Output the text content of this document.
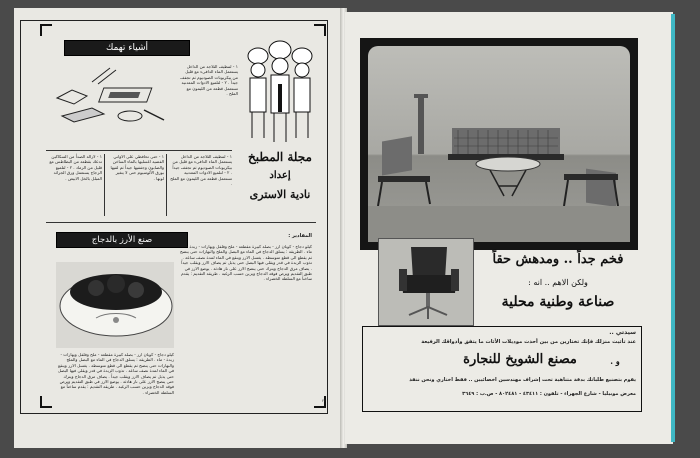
أشياء تهمك
١ - لتنظيف الثلاجة من الداخل يستعمل الماء الدافىء مع قليل من بيكربونات الصوديوم ثم تجفف جيداً . ٢ - لتلميع الادوات المعدنية تستعمل قطعة من الليمون مع الملح .
مجلة المطبخ
إعداد
نادية الاسترى
١ - لازالة الصدأ من السكاكين تدعك بقطعة من البطاطس مع قليل من الرماد . ٢ - لتلميع الزجاج يستعمل ورق الجرائد المبلل بالخل الابيض .
١ - حتى تحافظي على الاواني الفضية اغسليها بالماء الساخن والصابون وجففيها جيداً ثم لفيها بورق الألومنيوم حتى لا يتغير لونها .
١ - لتنظيف الثلاجة من الداخل يستعمل الماء الدافىء مع قليل من بيكربونات الصوديوم ثم تجفف جيداً . ٢ - لتلميع الادوات المعدنية تستعمل قطعة من الليمون مع الملح .
صنع الأرز بالدجاج	المقادير :
كيلو دجاج - كوبان ارز - بصلة كبيرة مقطعة - ملح وفلفل وبهارات - زبدة - ماء . الطريقة : يسلق الدجاج في الماء مع البصل والملح والبهارات حتى ينضج ثم يقطع الى قطع متوسطة . يغسل الارز وينقع في الماء لمدة نصف ساعة . تذوب الزبدة في قدر ويقلى فيها البصل حتى يذبل ثم يضاف الارز ويقلب جيداً . يضاف مرق الدجاج ويترك حتى ينضج الارز على نار هادئة . يوضع الارز في طبق التقديم ويرص فوقه الدجاج ويزين حسب الرغبة . طريقة التقديم : يقدم ساخناً مع السلطة الخضراء .
كيلو دجاج - كوبان ارز - بصلة كبيرة مقطعة - ملح وفلفل وبهارات - زبدة - ماء . الطريقة : يسلق الدجاج في الماء مع البصل والملح والبهارات حتى ينضج ثم يقطع الى قطع متوسطة . يغسل الارز وينقع في الماء لمدة نصف ساعة . تذوب الزبدة في قدر ويقلى فيها البصل حتى يذبل ثم يضاف الارز ويقلب جيداً . يضاف مرق الدجاج ويترك حتى ينضج الارز على نار هادئة . يوضع الارز في طبق التقديم ويرص فوقه الدجاج ويزين حسب الرغبة . طريقة التقديم : يقدم ساخناً مع السلطة الخضراء .
٢٢
فخم جداً .. ومدهش حقاً
ولكن الاهم .. انه :
صناعة وطنية محلية
سيدتي ..
عند تأثيث منزلك فإنك تختارين من بين أحدث موديلات الأثاث ما يتفق وأذواقك الرفيعة
مصنع الشويخ للنجارة	و .
يقوم بتصنيع طلباتك بدقة متناهية تحت إشراف مهندسين اخصائيين .. فقط اختاري ونحن ننفذ
معرض موبيليا - شارع الجهراء - تلفون : ٤٣٤١١ - ٨٠٢٤٨١ - ص.ب : ٣٦٤٩
